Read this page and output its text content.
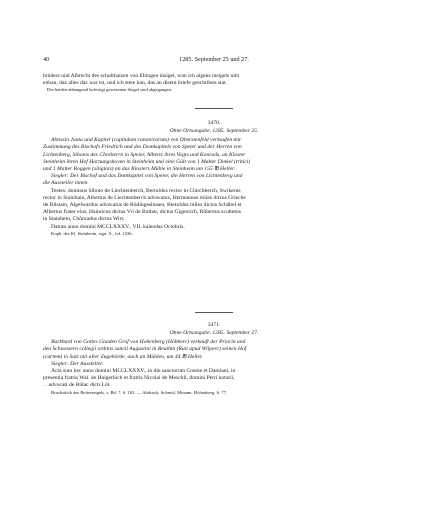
40	1285. September 25 und 27.
brüders und Albrecht des schulthaizen von Ebingen insigel, wan ich aigens insigels niht
enhan, daz alles daz war ist, und ich stete han, das an disem briefe geschriben stat.
Die beiden abhangend befestigt gewesenen Siegel sind abgegangen.
3470.
Ohne Ortsangabe. 1285. September 25.
Äbtissin Junta und Kapitel (capitulum canonicarum) von Oberstenfeld verkaufen mit
Zustimmung des Bischofs Friedrich und des Domkapitels von Speier und der Herren von
Lichtenberg, Sibotos des Chorherrn in Speier, Albertz ihres Vogts und Konrads, an Kloster
Steinheim ihren Hof Hornungshoven in Steinheim und eine Gült von 1 Malter Dinkel (tritici)
und 1 Malter Roggen (siliginis) an das Klosters Mühle in Steinheim um 155 ℔ Heller.
Siegler: Der Bischof und das Domkapitel von Speier, die Herren von Lichtenberg und
die Aussteller innen.
Testes: dominus Siboto de Liechtenberch, Bertoldus rector in Chirchberch, Swikerus
rector in Stainhain, Albertus de Liechtenberch advocatus, Hermannus miles dictus Grieche
de Bilstain, Algelwardus advocatus de Rôdingeshusen, Bertoldus miles dictus Schâbel et
Albertus frater eius, Hainricus dictus Vri de Botbar, dictus Gigenrich, Rûbertus scultetus
in Stainhein, Chônradus dictus Wirt.
Datum anno domini MCCLXXXV., VII. kalendas Octobris.
Kopb. des Kl. Steinheim, sign. A., fol. 133b.
3471.
Ohne Ortsangabe. 1285. September 27.
Burkhard von Gottes Gnaden Graf von Hohenberg (Hôhberc) verkauft der Priorin und
den Schwestern collegii ordinis sancti Augustini in Reuthin (Ruti apud Wilperc) seinen Hof
(curtem) in Sulz mit aller Zugehörde, auch an Mühlen, um 44 ℔ Heller.
Siegler: Der Aussteller.
Acta sunt hec anno domini MCCLXXXV., in die sanctorum Cosme et Damiani, in
presentia fratris Wal. de Haigerloch et fratris Nicolai de Meschil, domini Petri notarii,
. . advocati de Bûlac dicti Lôt.
Bruchstück des Reiterseigels, s. Bd. 7, S. 103. — Abdruck: Schmid, Monum. Hohenberg. S. 77.
